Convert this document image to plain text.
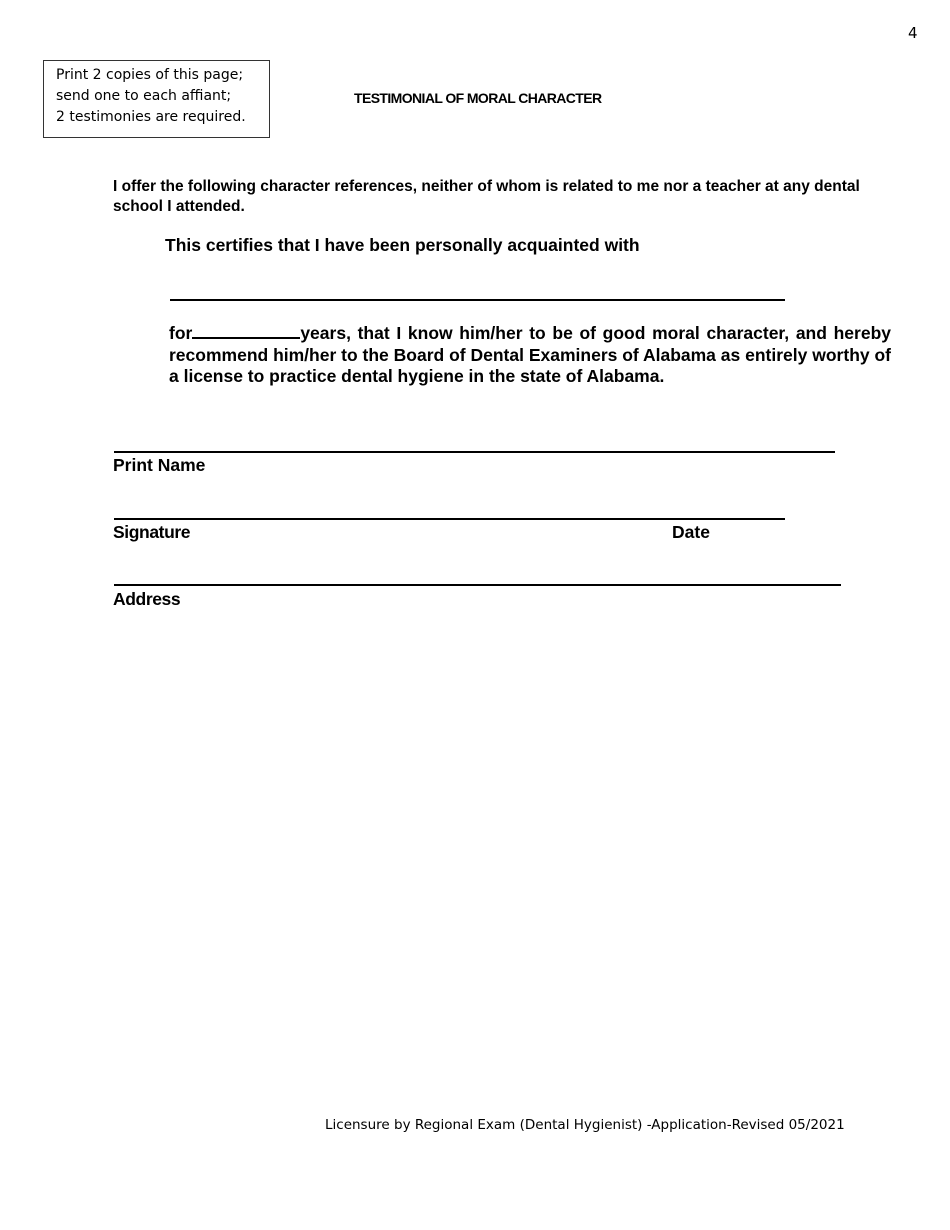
4
Print 2 copies of this page;
send one to each affiant;
2 testimonies are required.
TESTIMONIAL OF MORAL CHARACTER
I offer the following character references, neither of whom is related to me nor a teacher at any dental school I attended.
This certifies that I have been personally acquainted with
for	years, that I know him/her to be of good moral character, and hereby recommend him/her to the Board of Dental Examiners of Alabama as entirely worthy of a license to practice dental hygiene in the state of Alabama.
Print Name
Signature	Date
Address
Licensure by Regional Exam (Dental Hygienist) -Application-Revised 05/2021
